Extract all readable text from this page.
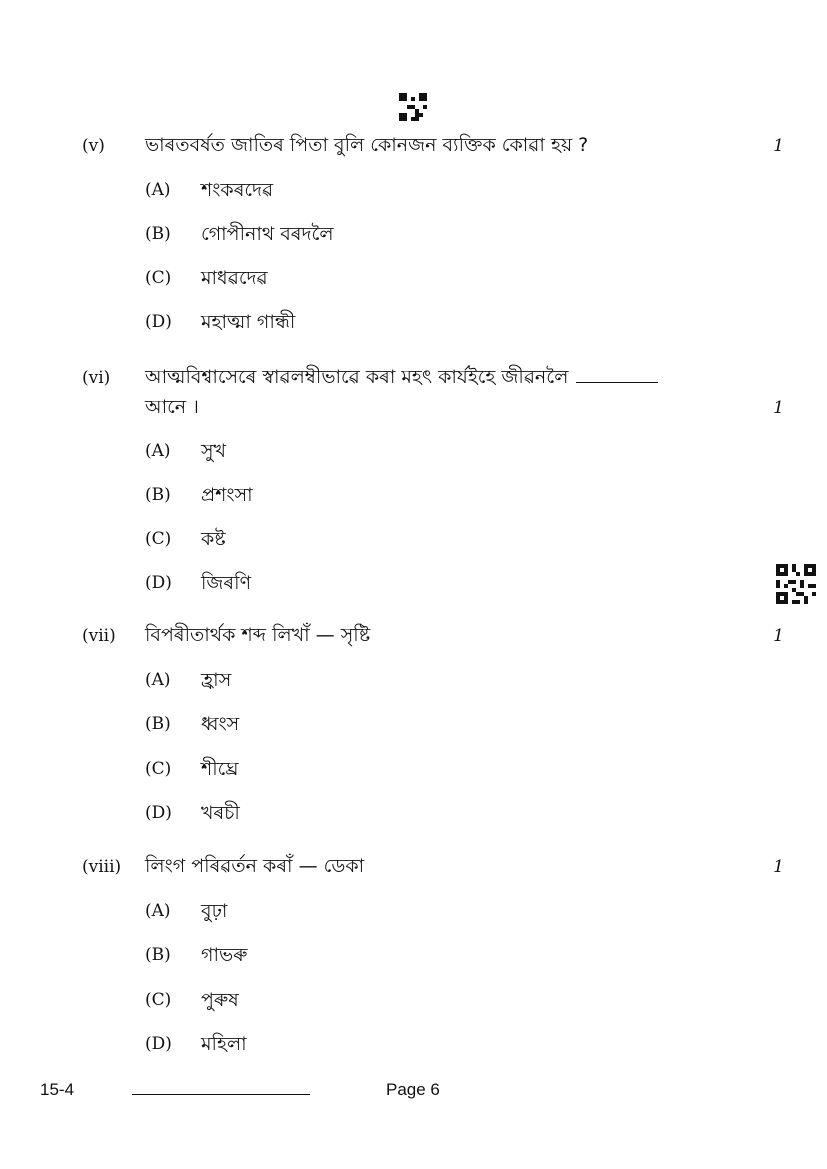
(v) ভাৰতবৰ্ষত জাতিৰ পিতা বুলি কোনজন ব্যক্তিক কোৱা হয় ?	1
(A) শংকৰদেৱ
(B) গোপীনাথ বৰদলৈ
(C) মাধৱদেৱ
(D) মহাত্মা গান্ধী
(vi) আত্মবিশ্বাসেৰে স্বাৱলম্বীভাৱে কৰা মহৎ কাৰ্যইহে জীৱনলৈ
আনে ।	1
(A) সুখ
(B) প্ৰশংসা
(C) কষ্ট
(D) জিৰণি
(vii) বিপৰীতাৰ্থক শব্দ লিখাঁ — সৃষ্টি	1
(A) হ্ৰাস
(B) ধ্বংস
(C) শীঘ্ৰে
(D) খৰচী
(viii) লিংগ পৰিৱৰ্তন কৰাঁ — ডেকা	1
(A) বুঢ়া
(B) গাভৰু
(C) পুৰুষ
(D) মহিলা
15-4	Page 6
